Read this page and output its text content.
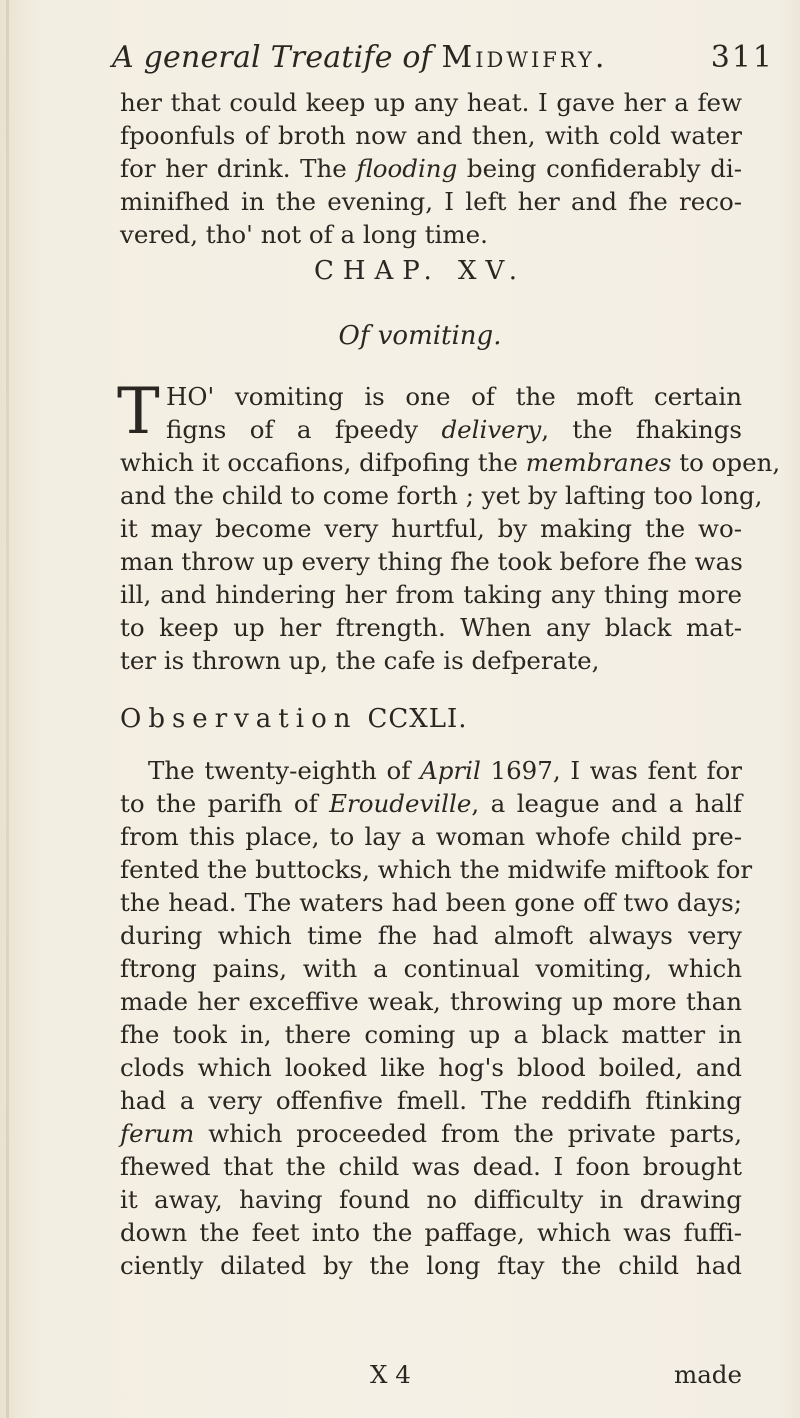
A general Treatife of Midwifry.	311
her that could keep up any heat. I gave her a few
fpoonfuls of broth now and then, with cold water
for her drink. The flooding being confiderably di-
minifhed in the evening, I left her and fhe reco-
vered, tho' not of a long time.
CHAP. XV.
Of vomiting.
T HO' vomiting is one of the moft certain
figns of a fpeedy delivery, the fhakings
which it occafions, difpofing the membranes to open,
and the child to come forth ; yet by lafting too long,
it may become very hurtful, by making the wo-
man throw up every thing fhe took before fhe was
ill, and hindering her from taking any thing more
to keep up her ftrength. When any black mat-
ter is thrown up, the cafe is defperate,
Observation CCXLI.
The twenty-eighth of April 1697, I was fent for
to the parifh of Eroudeville, a league and a half
from this place, to lay a woman whofe child pre-
fented the buttocks, which the midwife miftook for
the head. The waters had been gone off two days;
during which time fhe had almoft always very
ftrong pains, with a continual vomiting, which
made her exceffive weak, throwing up more than
fhe took in, there coming up a black matter in
clods which looked like hog's blood boiled, and
had a very offenfive fmell. The reddifh ftinking
ferum which proceeded from the private parts,
fhewed that the child was dead. I foon brought
it away, having found no difficulty in drawing
down the feet into the paffage, which was fuffi-
ciently dilated by the long ftay the child had
X 4	made
